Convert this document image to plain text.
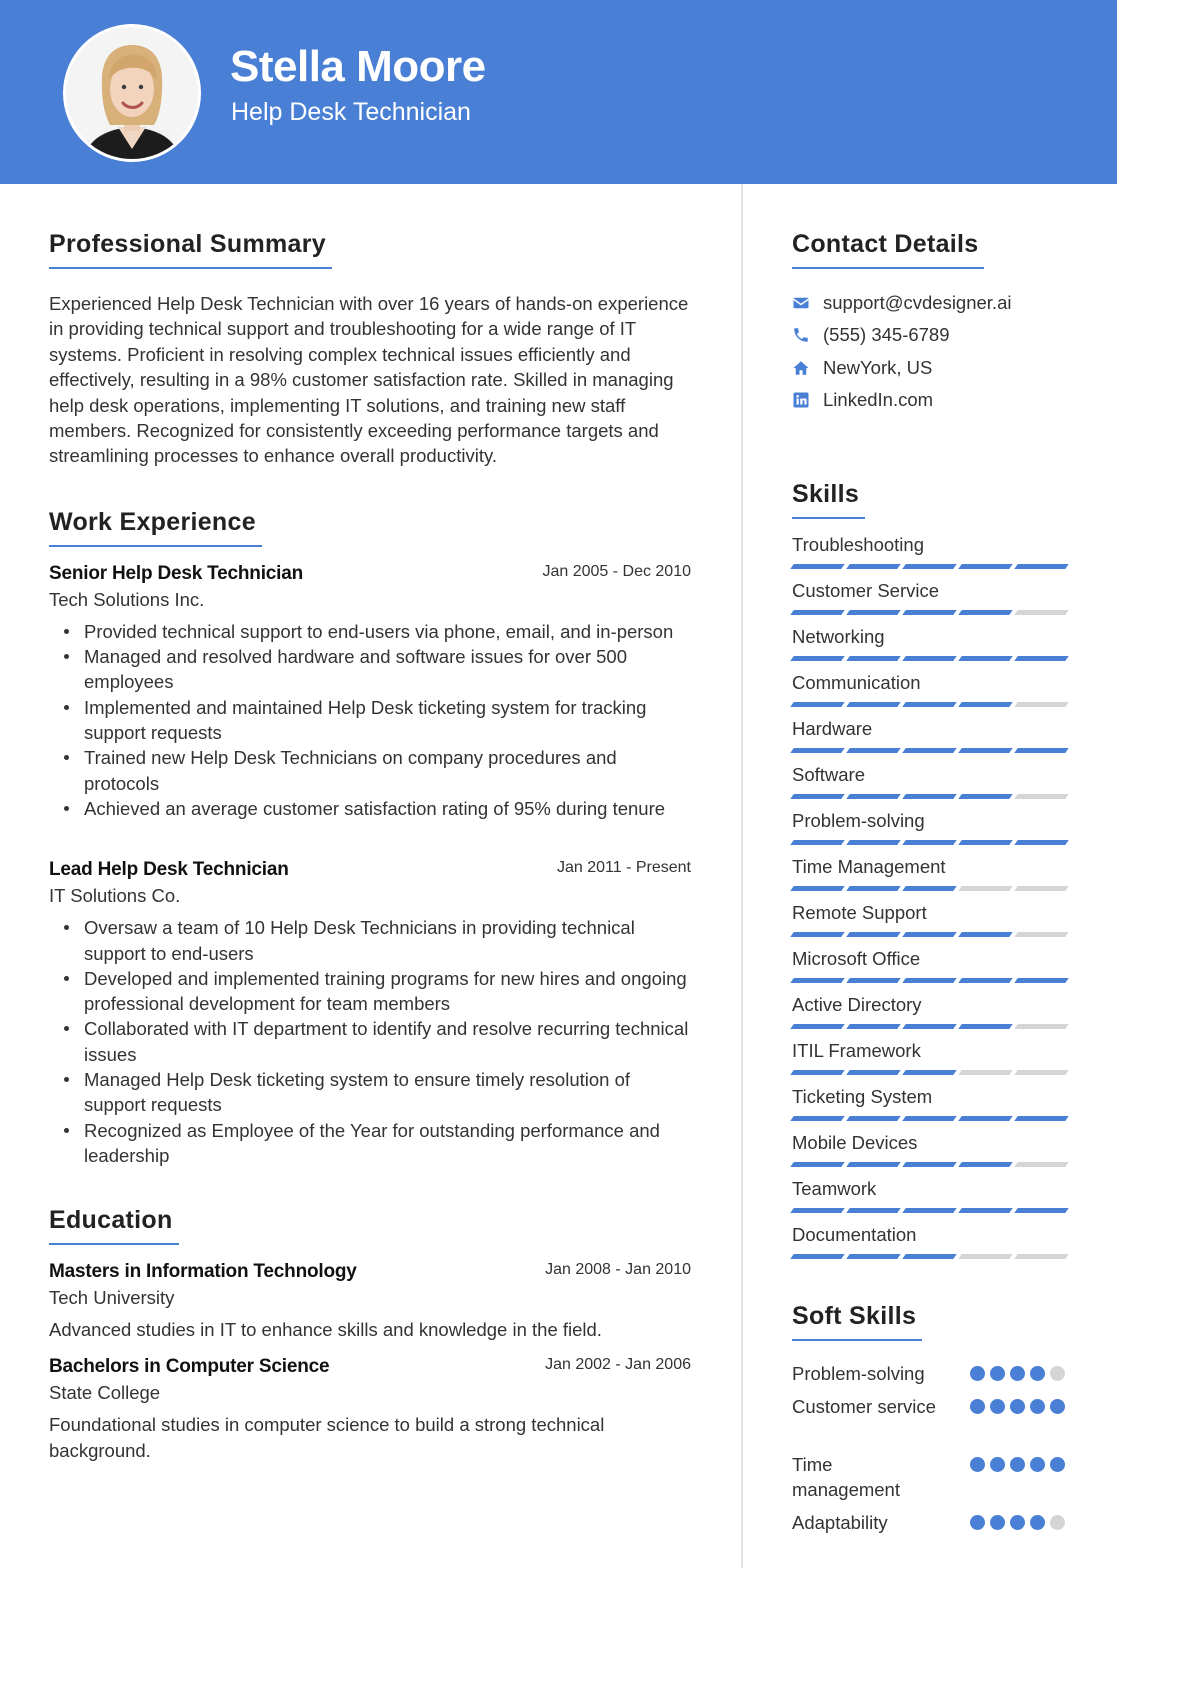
Stella Moore
Help Desk Technician
Professional Summary

Experienced Help Desk Technician with over 16 years of hands-on experience in providing technical support and troubleshooting for a wide range of IT systems. Proficient in resolving complex technical issues efficiently and effectively, resulting in a 98% customer satisfaction rate. Skilled in managing help desk operations, implementing IT solutions, and training new staff members. Recognized for consistently exceeding performance targets and streamlining processes to enhance overall productivity.

Work Experience
Senior Help Desk Technician	Jan 2005 - Dec 2010
Tech Solutions Inc.
Provided technical support to end-users via phone, email, and in-person
Managed and resolved hardware and software issues for over 500 employees
Implemented and maintained Help Desk ticketing system for tracking support requests
Trained new Help Desk Technicians on company procedures and protocols
Achieved an average customer satisfaction rating of 95% during tenure
Lead Help Desk Technician	Jan 2011 - Present
IT Solutions Co.
Oversaw a team of 10 Help Desk Technicians in providing technical support to end-users
Developed and implemented training programs for new hires and ongoing professional development for team members
Collaborated with IT department to identify and resolve recurring technical issues
Managed Help Desk ticketing system to ensure timely resolution of support requests
Recognized as Employee of the Year for outstanding performance and leadership
Education
Masters in Information Technology	Jan 2008 - Jan 2010
Tech University

Advanced studies in IT to enhance skills and knowledge in the field.

Bachelors in Computer Science	Jan 2002 - Jan 2006
State College

Foundational studies in computer science to build a strong technical background.

Contact Details
support@cvdesigner.ai
(555) 345-6789
NewYork, US
LinkedIn.com
Skills
Troubleshooting
Customer Service
Networking
Communication
Hardware
Software
Problem-solving
Time Management
Remote Support
Microsoft Office
Active Directory
ITIL Framework
Ticketing System
Mobile Devices
Teamwork
Documentation
Soft Skills
Problem-solving
Customer service
Time management
Adaptability
